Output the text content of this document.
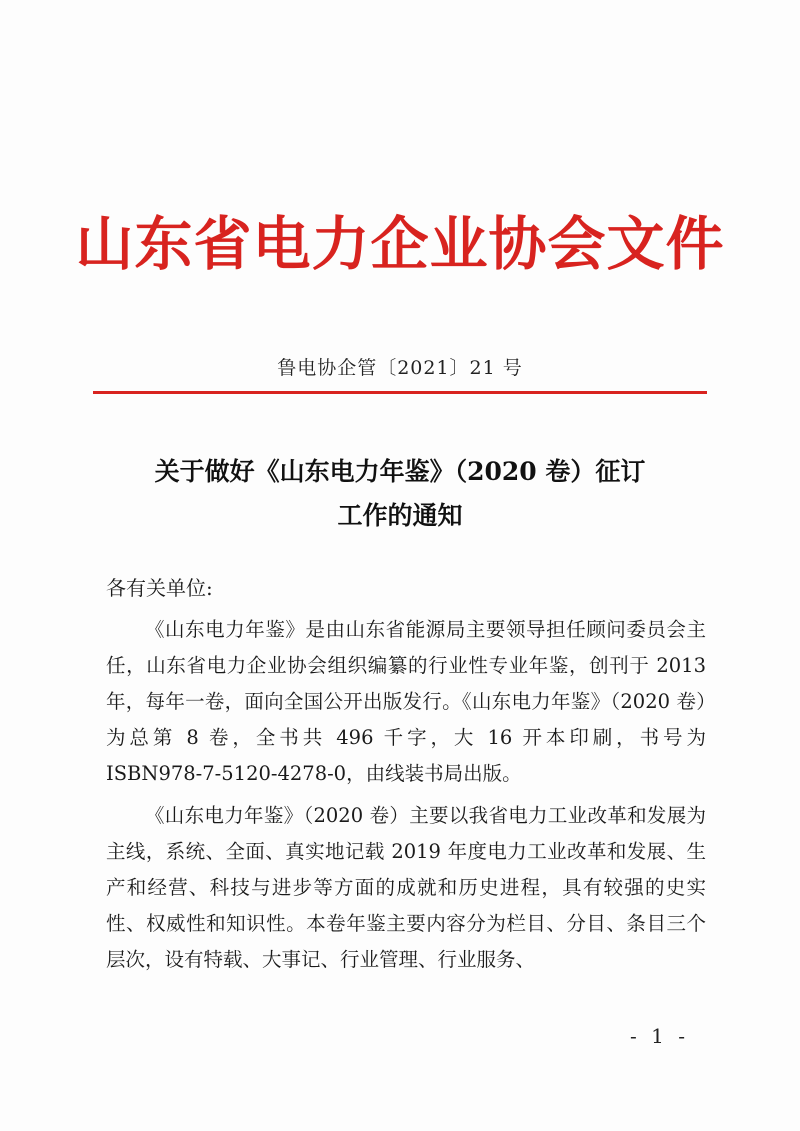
山东省电力企业协会文件
鲁电协企管〔2021〕21 号
关于做好《山东电力年鉴》（2020 卷）征订
工作的通知
各有关单位:

《山东电力年鉴》是由山东省能源局主要领导担任顾问委员会主任，山东省电力企业协会组织编纂的行业性专业年鉴，创刊于 2013 年，每年一卷，面向全国公开出版发行。《山东电力年鉴》（2020 卷）为总第 8 卷，全书共 496 千字，大 16 开本印刷，书号为 ISBN978-7-5120-4278-0，由线装书局出版。

《山东电力年鉴》（2020 卷）主要以我省电力工业改革和发展为主线，系统、全面、真实地记载 2019 年度电力工业改革和发展、生产和经营、科技与进步等方面的成就和历史进程，具有较强的史实性、权威性和知识性。本卷年鉴主要内容分为栏目、分目、条目三个层次，设有特载、大事记、行业管理、行业服务、

- 1 -
